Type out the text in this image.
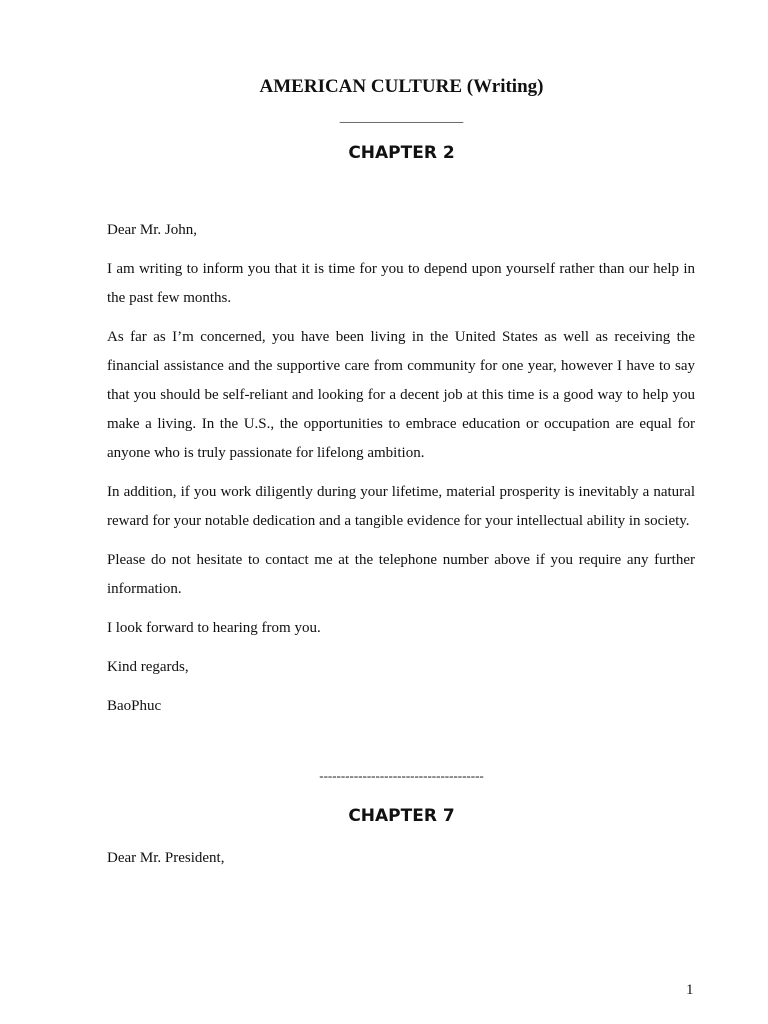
AMERICAN CULTURE (Writing)
___________________
CHAPTER 2

Dear Mr. John,

I am writing to inform you that it is time for you to depend upon yourself rather than our help in the past few months.

As far as I’m concerned, you have been living in the United States as well as receiving the financial assistance and the supportive care from community for one year, however I have to say that you should be self-reliant and looking for a decent job at this time is a good way to help you make a living. In the U.S., the opportunities to embrace education or occupation are equal for anyone who is truly passionate for lifelong ambition.

In addition, if you work diligently during your lifetime, material prosperity is inevitably a natural reward for your notable dedication and a tangible evidence for your intellectual ability in society.

Please do not hesitate to contact me at the telephone number above if you require any further information.

I look forward to hearing from you.

Kind regards,

BaoPhuc

--------------------------------------
CHAPTER 7

Dear Mr. President,

1
